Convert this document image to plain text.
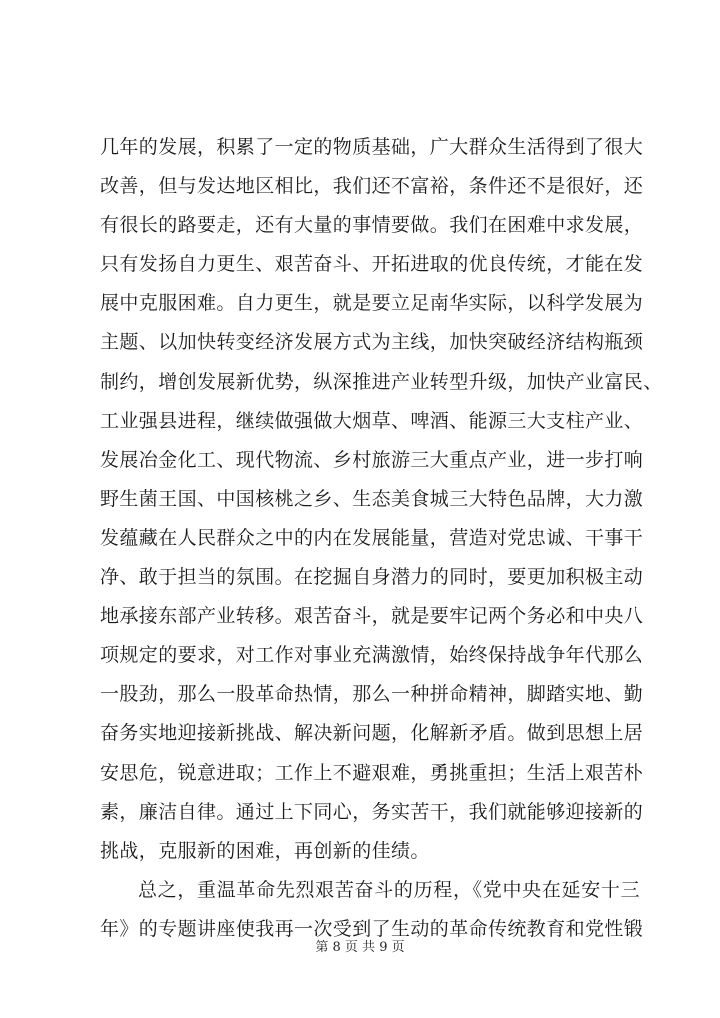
几年的发展，积累了一定的物质基础，广大群众生活得到了很大
改善，但与发达地区相比，我们还不富裕，条件还不是很好，还
有很长的路要走，还有大量的事情要做。我们在困难中求发展，
只有发扬自力更生、艰苦奋斗、开拓进取的优良传统，才能在发
展中克服困难。自力更生，就是要立足南华实际，以科学发展为
主题、以加快转变经济发展方式为主线，加快突破经济结构瓶颈
制约，增创发展新优势，纵深推进产业转型升级，加快产业富民、
工业强县进程，继续做强做大烟草、啤酒、能源三大支柱产业、
发展冶金化工、现代物流、乡村旅游三大重点产业，进一步打响
野生菌王国、中国核桃之乡、生态美食城三大特色品牌，大力激
发蕴藏在人民群众之中的内在发展能量，营造对党忠诚、干事干
净、敢于担当的氛围。在挖掘自身潜力的同时，要更加积极主动
地承接东部产业转移。艰苦奋斗，就是要牢记两个务必和中央八
项规定的要求，对工作对事业充满激情，始终保持战争年代那么
一股劲，那么一股革命热情，那么一种拼命精神，脚踏实地、勤
奋务实地迎接新挑战、解决新问题，化解新矛盾。做到思想上居
安思危，锐意进取；工作上不避艰难，勇挑重担；生活上艰苦朴
素，廉洁自律。通过上下同心，务实苦干，我们就能够迎接新的
挑战，克服新的困难，再创新的佳绩。
总之，重温革命先烈艰苦奋斗的历程，《党中央在延安十三
年》的专题讲座使我再一次受到了生动的革命传统教育和党性锻
第 8 页 共 9 页
